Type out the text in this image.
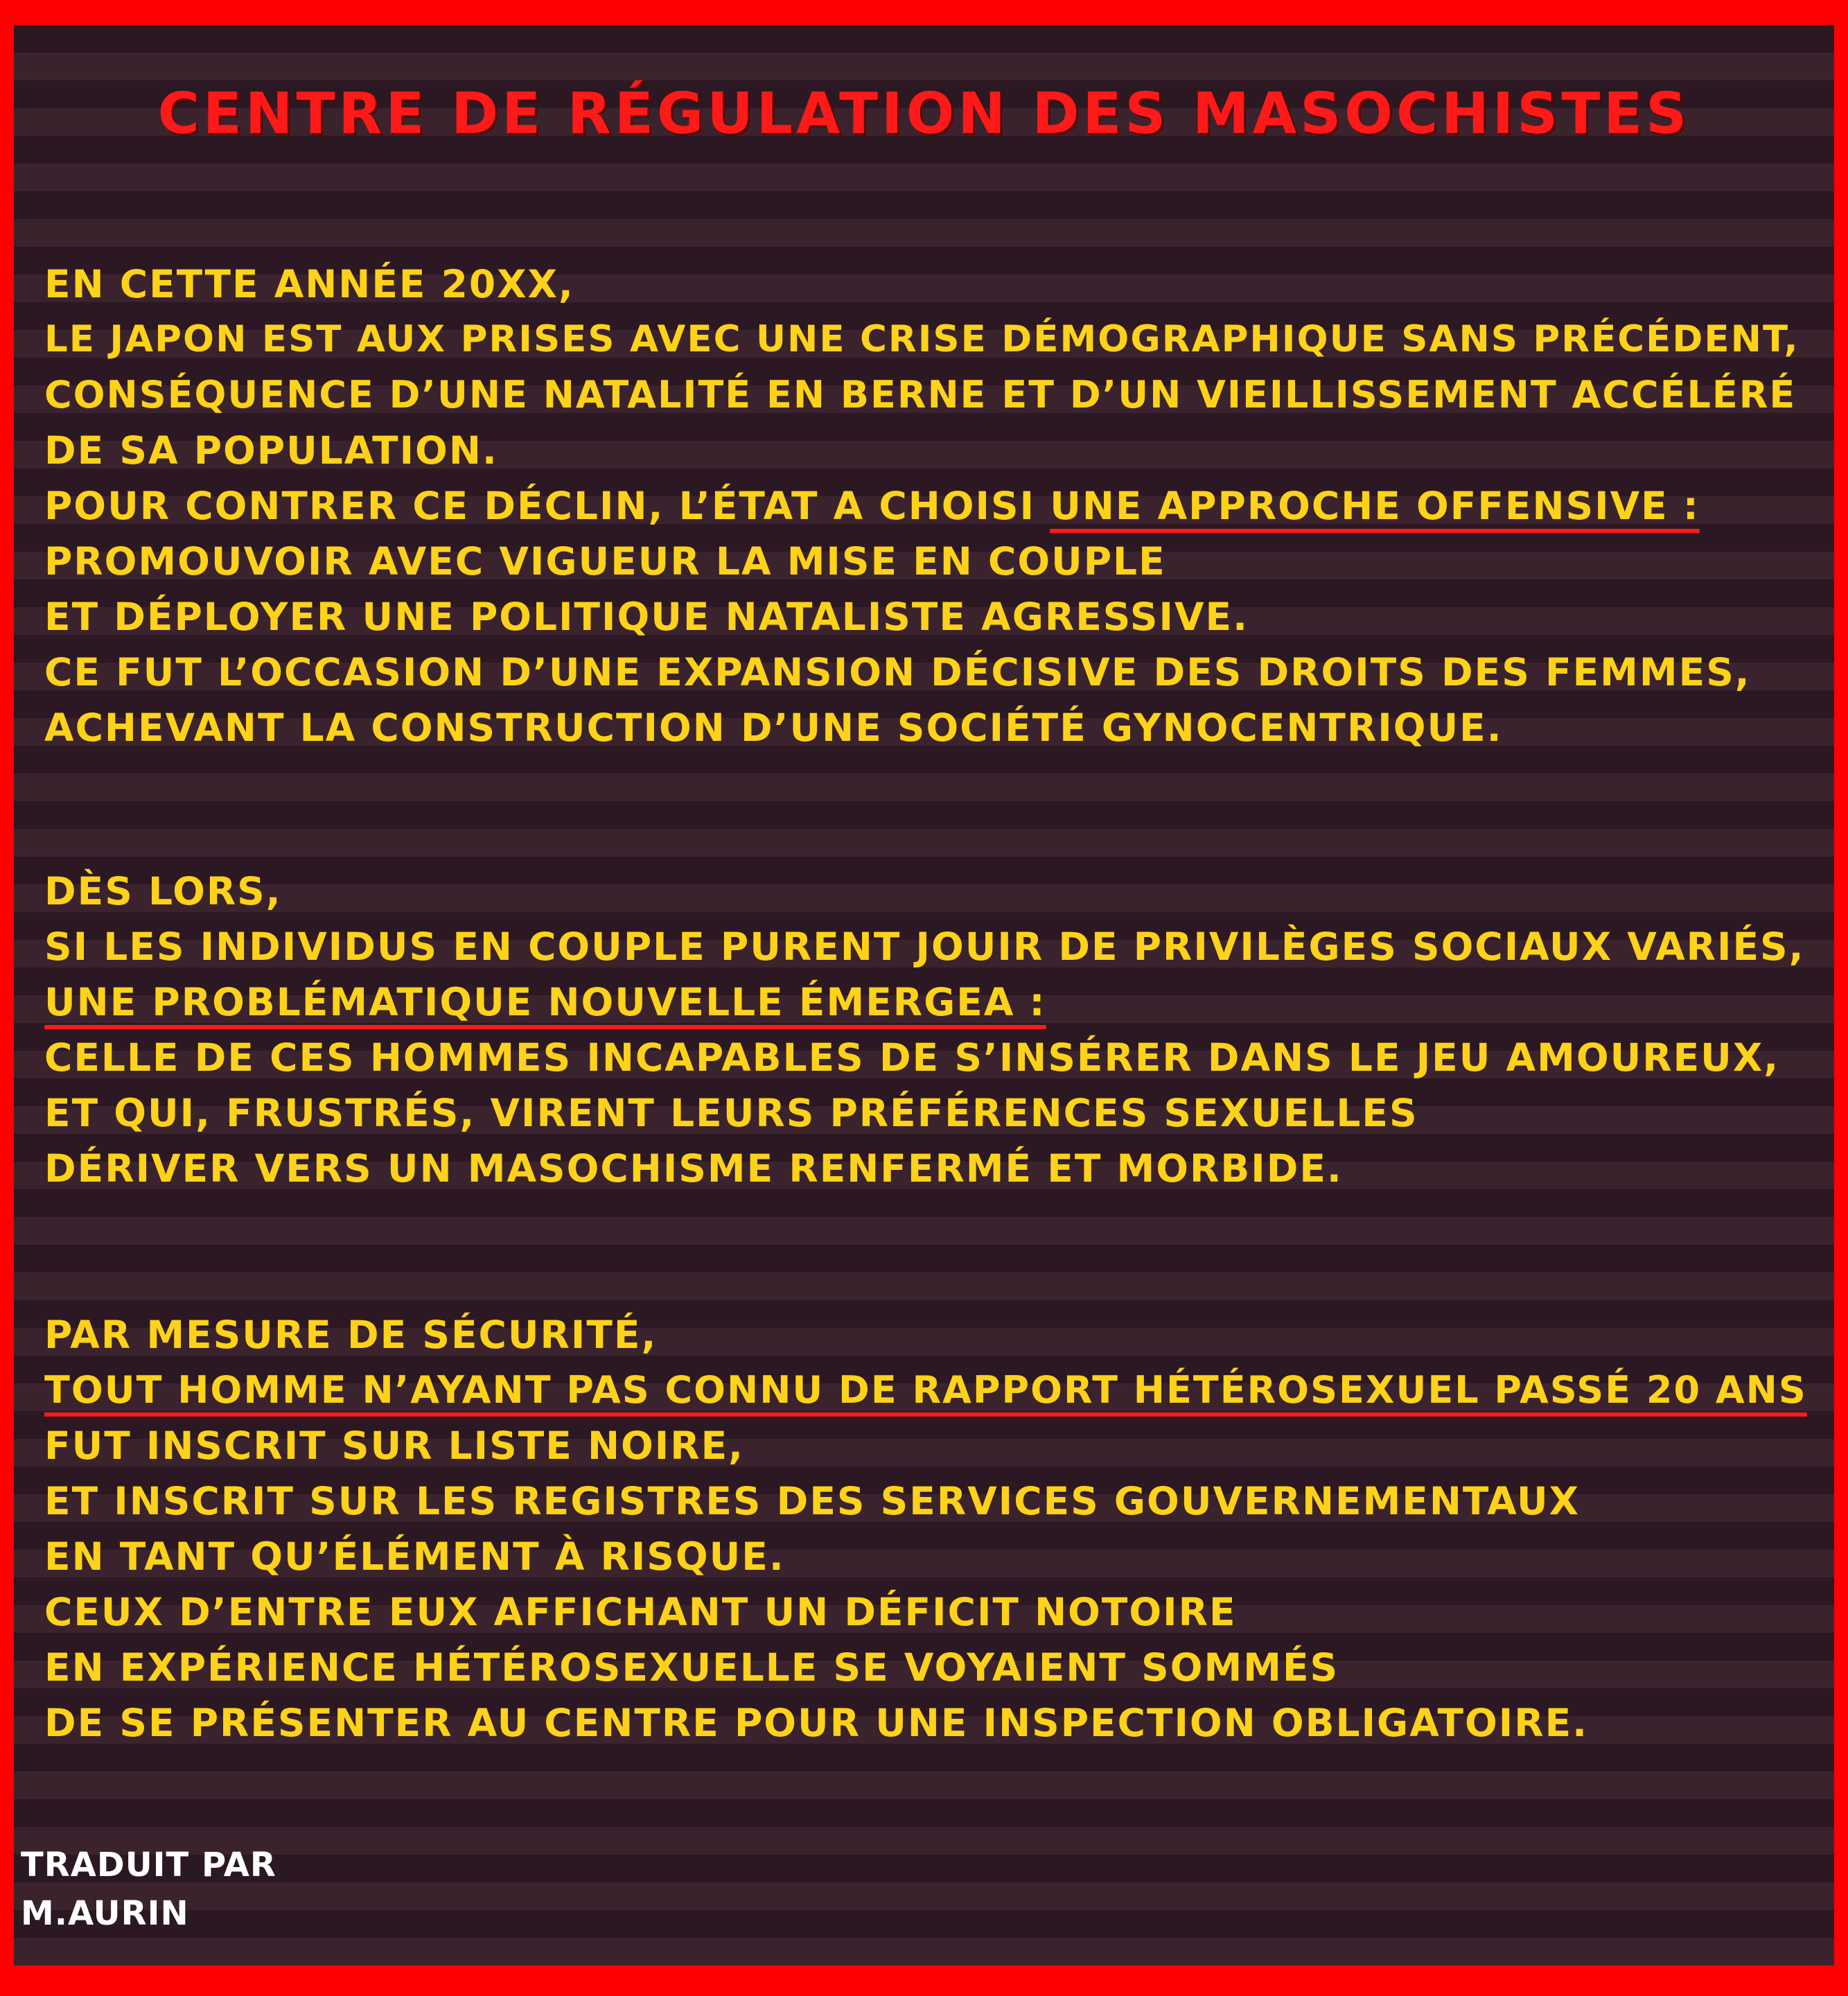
CENTRE DE RÉGULATION DES MASOCHISTES
EN CETTE ANNÉE 20XX,
LE JAPON EST AUX PRISES AVEC UNE CRISE DÉMOGRAPHIQUE SANS PRÉCÉDENT,
CONSÉQUENCE D’UNE NATALITÉ EN BERNE ET D’UN VIEILLISSEMENT ACCÉLÉRÉ
DE SA POPULATION.
POUR CONTRER CE DÉCLIN, L’ÉTAT A CHOISI UNE APPROCHE OFFENSIVE :
PROMOUVOIR AVEC VIGUEUR LA MISE EN COUPLE
ET DÉPLOYER UNE POLITIQUE NATALISTE AGRESSIVE.
CE FUT L’OCCASION D’UNE EXPANSION DÉCISIVE DES DROITS DES FEMMES,
ACHEVANT LA CONSTRUCTION D’UNE SOCIÉTÉ GYNOCENTRIQUE.
DÈS LORS,
SI LES INDIVIDUS EN COUPLE PURENT JOUIR DE PRIVILÈGES SOCIAUX VARIÉS,
UNE PROBLÉMATIQUE NOUVELLE ÉMERGEA :
CELLE DE CES HOMMES INCAPABLES DE S’INSÉRER DANS LE JEU AMOUREUX,
ET QUI, FRUSTRÉS, VIRENT LEURS PRÉFÉRENCES SEXUELLES
DÉRIVER VERS UN MASOCHISME RENFERMÉ ET MORBIDE.
PAR MESURE DE SÉCURITÉ,
TOUT HOMME N’AYANT PAS CONNU DE RAPPORT HÉTÉROSEXUEL PASSÉ 20 ANS
FUT INSCRIT SUR LISTE NOIRE,
ET INSCRIT SUR LES REGISTRES DES SERVICES GOUVERNEMENTAUX
EN TANT QU’ÉLÉMENT À RISQUE.
CEUX D’ENTRE EUX AFFICHANT UN DÉFICIT NOTOIRE
EN EXPÉRIENCE HÉTÉROSEXUELLE SE VOYAIENT SOMMÉS
DE SE PRÉSENTER AU CENTRE POUR UNE INSPECTION OBLIGATOIRE.
TRADUIT PAR
M.AURIN
